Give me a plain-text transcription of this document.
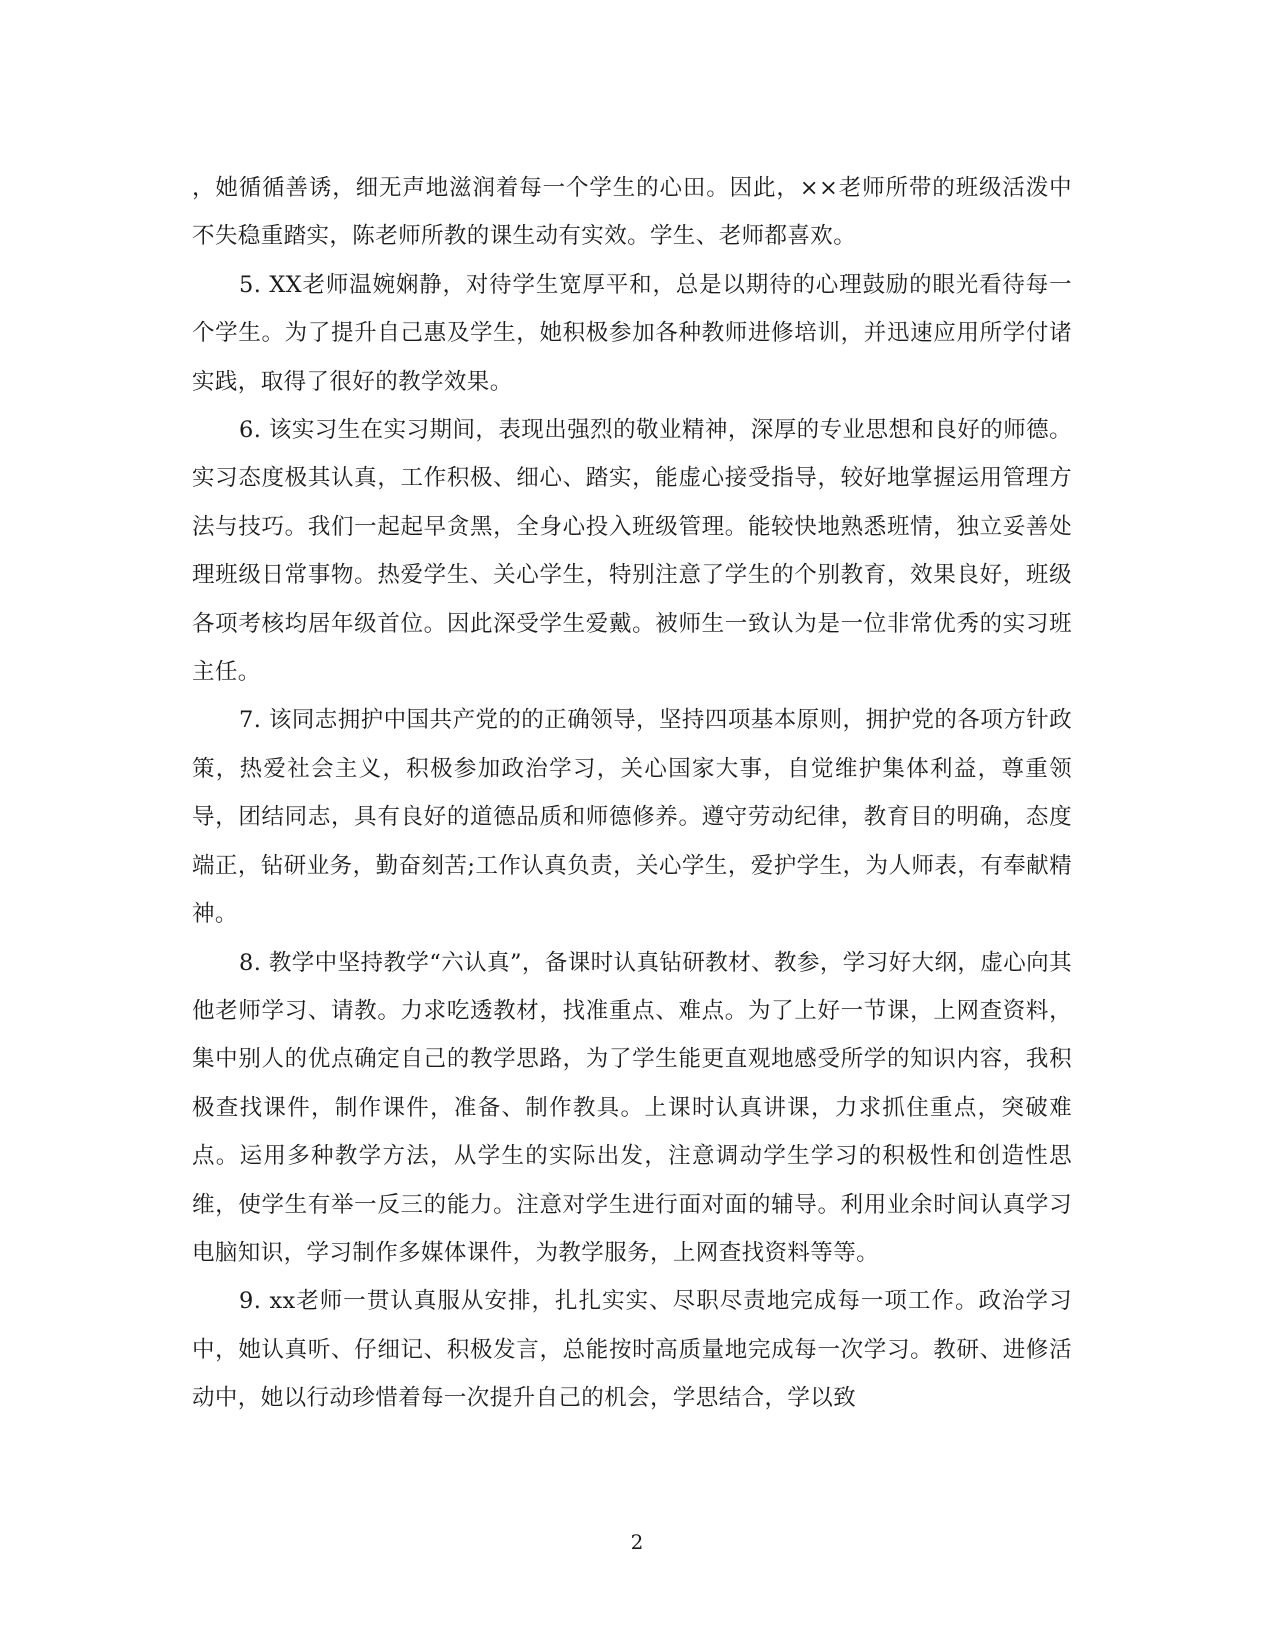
，她循循善诱，细无声地滋润着每一个学生的心田。因此，××老师所带的班级活泼中不失稳重踏实，陈老师所教的课生动有实效。学生、老师都喜欢。

5. XX老师温婉娴静，对待学生宽厚平和，总是以期待的心理鼓励的眼光看待每一个学生。为了提升自己惠及学生，她积极参加各种教师进修培训，并迅速应用所学付诸实践，取得了很好的教学效果。

6. 该实习生在实习期间，表现出强烈的敬业精神，深厚的专业思想和良好的师德。实习态度极其认真，工作积极、细心、踏实，能虚心接受指导，较好地掌握运用管理方法与技巧。我们一起起早贪黑，全身心投入班级管理。能较快地熟悉班情，独立妥善处理班级日常事物。热爱学生、关心学生，特别注意了学生的个别教育，效果良好，班级各项考核均居年级首位。因此深受学生爱戴。被师生一致认为是一位非常优秀的实习班主任。

7. 该同志拥护中国共产党的的正确领导，坚持四项基本原则，拥护党的各项方针政策，热爱社会主义，积极参加政治学习，关心国家大事，自觉维护集体利益，尊重领导，团结同志，具有良好的道德品质和师德修养。遵守劳动纪律，教育目的明确，态度端正，钻研业务，勤奋刻苦;工作认真负责，关心学生，爱护学生，为人师表，有奉献精神。

8. 教学中坚持教学“六认真”，备课时认真钻研教材、教参，学习好大纲，虚心向其他老师学习、请教。力求吃透教材，找准重点、难点。为了上好一节课，上网查资料，集中别人的优点确定自己的教学思路，为了学生能更直观地感受所学的知识内容，我积极查找课件，制作课件，准备、制作教具。上课时认真讲课，力求抓住重点，突破难点。运用多种教学方法，从学生的实际出发，注意调动学生学习的积极性和创造性思维，使学生有举一反三的能力。注意对学生进行面对面的辅导。利用业余时间认真学习电脑知识，学习制作多媒体课件，为教学服务，上网查找资料等等。

9. xx老师一贯认真服从安排，扎扎实实、尽职尽责地完成每一项工作。政治学习中，她认真听、仔细记、积极发言，总能按时高质量地完成每一次学习。教研、进修活动中，她以行动珍惜着每一次提升自己的机会，学思结合，学以致

2
